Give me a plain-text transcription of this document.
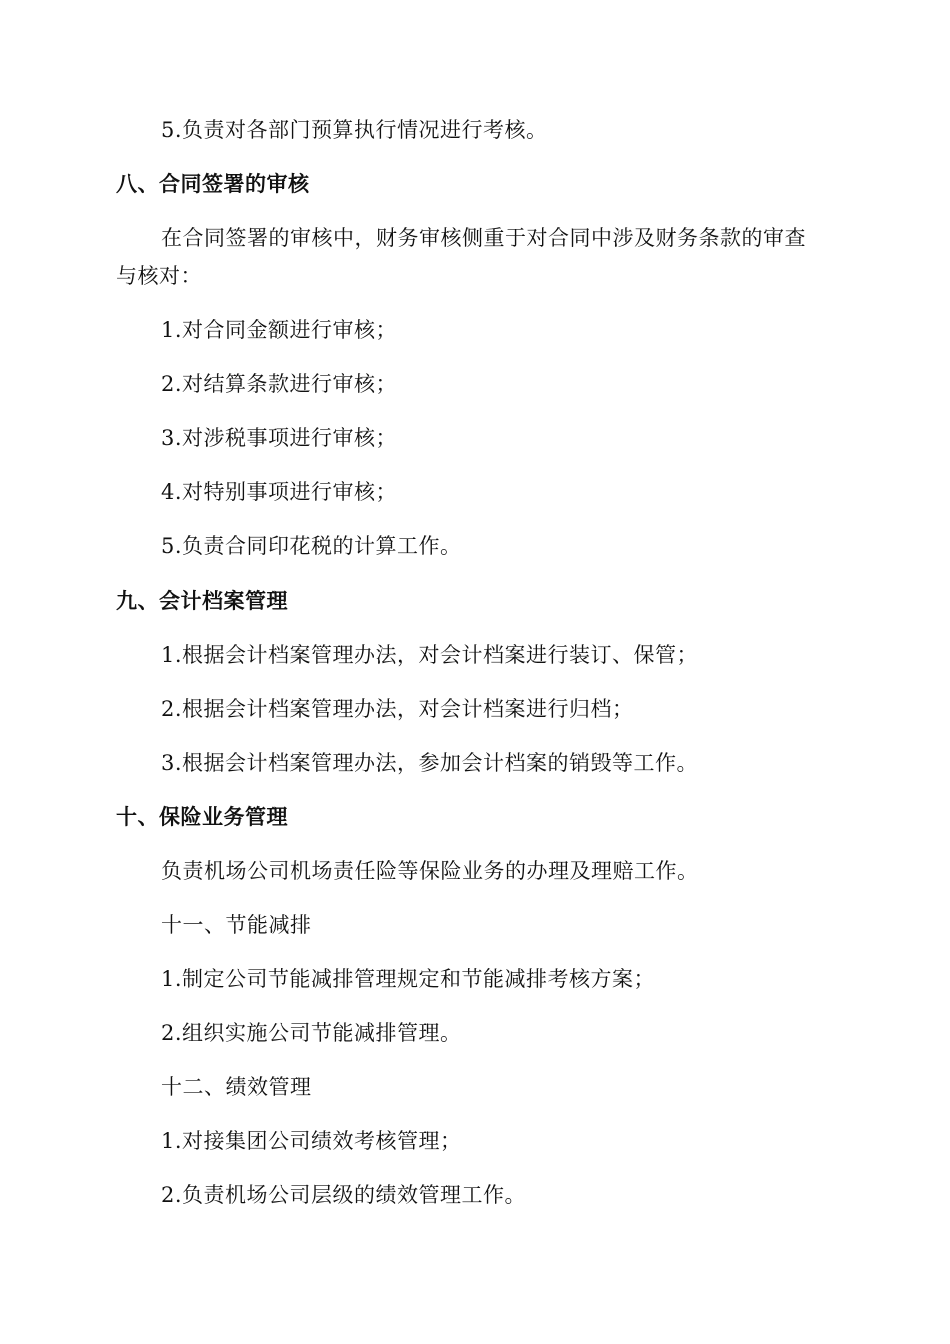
5.负责对各部门预算执行情况进行考核。
八、合同签署的审核
在合同签署的审核中，财务审核侧重于对合同中涉及财务条款的审查
与核对：
1.对合同金额进行审核；
2.对结算条款进行审核；
3.对涉税事项进行审核；
4.对特别事项进行审核；
5.负责合同印花税的计算工作。
九、会计档案管理
1.根据会计档案管理办法，对会计档案进行装订、保管；
2.根据会计档案管理办法，对会计档案进行归档；
3.根据会计档案管理办法，参加会计档案的销毁等工作。
十、保险业务管理
负责机场公司机场责任险等保险业务的办理及理赔工作。
十一、节能减排
1.制定公司节能减排管理规定和节能减排考核方案；
2.组织实施公司节能减排管理。
十二、绩效管理
1.对接集团公司绩效考核管理；
2.负责机场公司层级的绩效管理工作。
